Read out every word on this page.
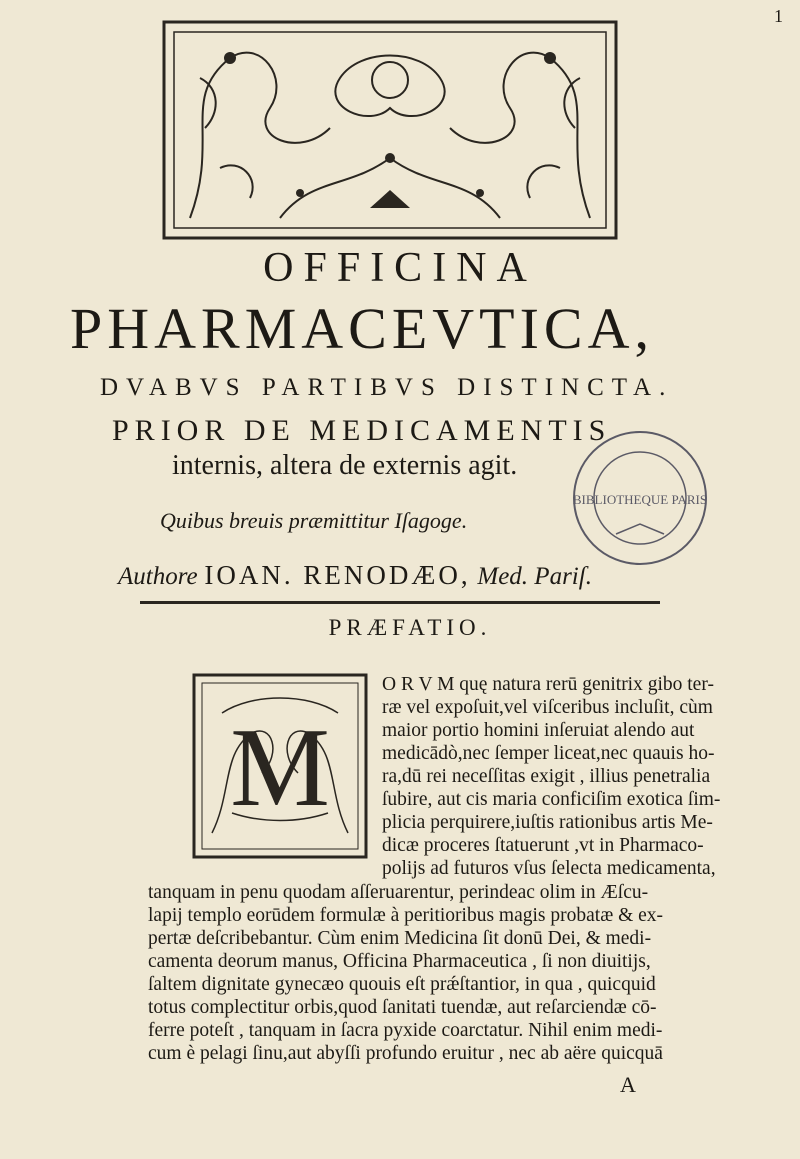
1
OFFICINA
PHARMACEVTICA,
DVABVS PARTIBVS DISTINCTA.
PRIOR DE MEDICAMENTIS
internis, altera de externis agit.
Quibus breuis præmittitur Iſagoge.
Authore IOAN. RENODÆO, Med. Pariſ.
BIBLIOTHEQUE PARIS
PRÆFATIO.
M
O R V M quę natura rerū genitrix gibo ter-
ræ vel expoſuit,vel viſceribus incluſit, cùm
maior portio homini inſeruiat alendo aut
medicādò,nec ſemper liceat,nec quauis ho-
ra,dū rei neceſſitas exigit , illius penetralia
ſubire, aut cis maria conficiſim exotica ſim-
plicia perquirere,iuſtis rationibus artis Me-
dicæ proceres ſtatuerunt ,vt in Pharmaco-
polijs ad futuros vſus ſelecta medicamenta,
tanquam in penu quodam aſſeruarentur, perindeac olim in Æſcu-
lapij templo eorūdem formulæ à peritioribus magis probatæ & ex-
pertæ deſcribebantur. Cùm enim Medicina ſit donū Dei, & medi-
camenta deorum manus, Officina Pharmaceutica , ſi non diuitijs,
ſaltem dignitate gynecæo quouis eſt prǽſtantior, in qua , quicquid
totus complectitur orbis,quod ſanitati tuendæ, aut reſarciendæ cō-
ferre poteſt , tanquam in ſacra pyxide coarctatur. Nihil enim medi-
cum è pelagi ſinu,aut abyſſi profundo eruitur , nec ab aëre quicquā
A
